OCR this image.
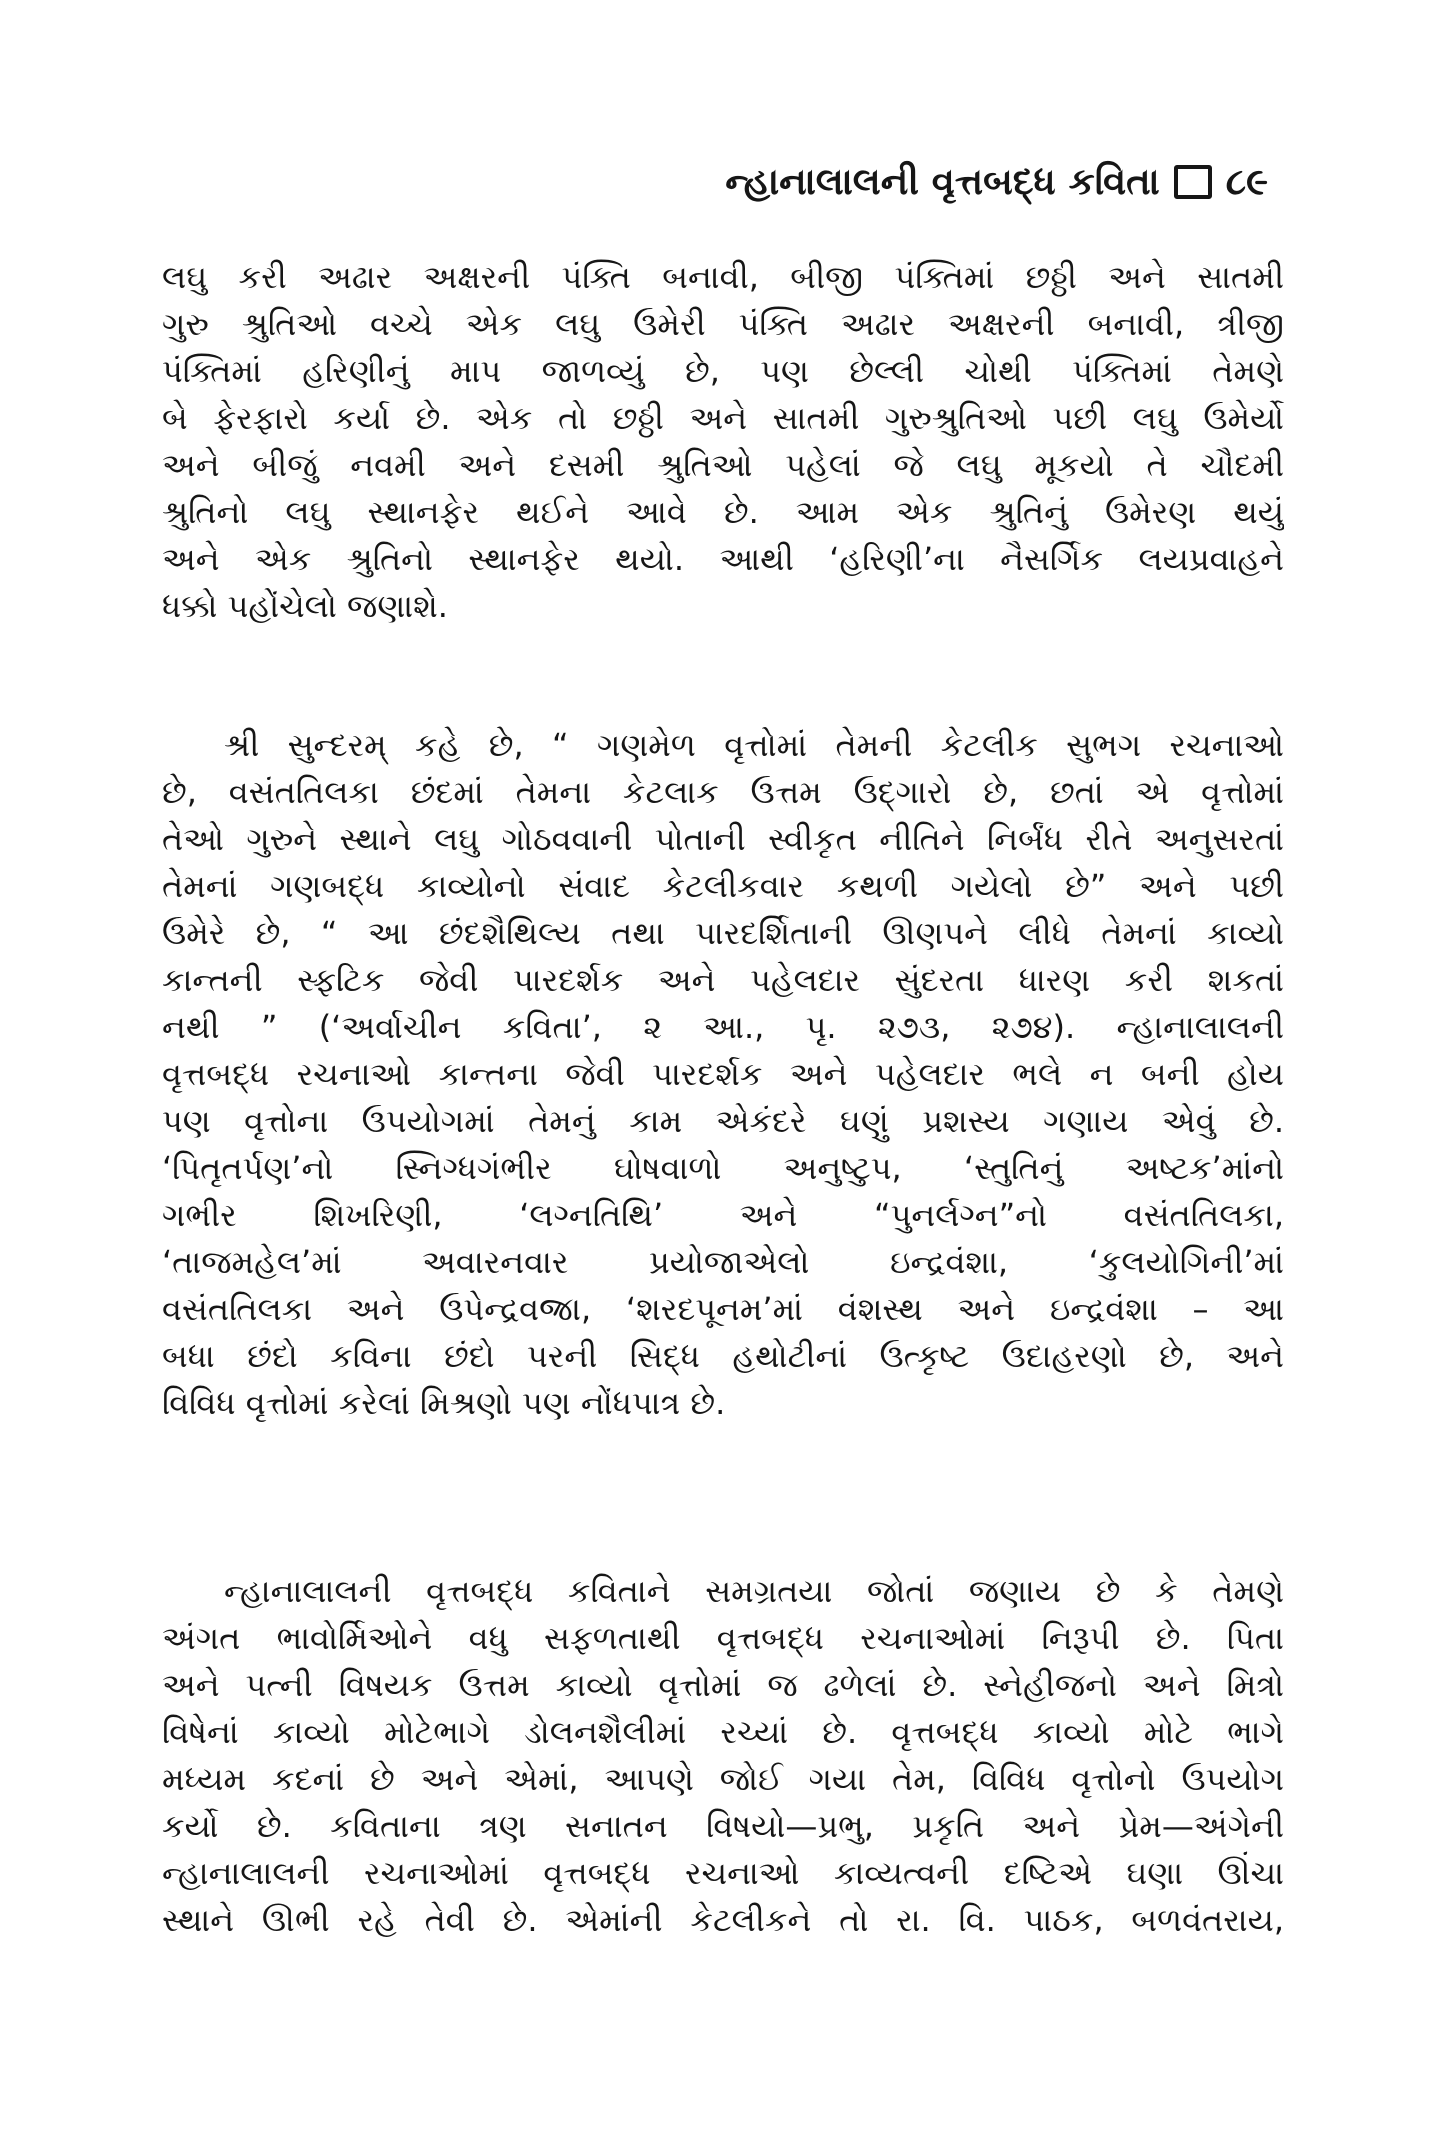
ન્હાનાલાલની વૃત્તબદ્ધ કવિતા ૮૯
લઘુ કરી અઢાર અક્ષરની પંક્તિ બનાવી, બીજી પંક્તિમાં છઠ્ઠી અને સાતમી
ગુરુ શ્રુતિઓ વચ્ચે એક લઘુ ઉમેરી પંક્તિ અઢાર અક્ષરની બનાવી, ત્રીજી
પંક્તિમાં હરિણીનું માપ જાળવ્યું છે, પણ છેલ્લી ચોથી પંક્તિમાં તેમણે
બે ફેરફારો કર્યા છે. એક તો છઠ્ઠી અને સાતમી ગુરુશ્રુતિઓ પછી લઘુ ઉમેર્યો
અને બીજું નવમી અને દસમી શ્રુતિઓ પહેલાં જે લઘુ મૂકયો તે ચૌદમી
શ્રુતિનો લઘુ સ્થાનફેર થઈને આવે છે. આમ એક શ્રુતિનું ઉમેરણ થયું
અને એક શ્રુતિનો સ્થાનફેર થયો. આથી ‘હરિણી’ના નૈસર્ગિક લયપ્રવાહને
ધક્કો પહોંચેલો જણાશે.
શ્રી સુન્દરમ્ કહે છે, “ ગણમેળ વૃત્તોમાં તેમની કેટલીક સુભગ રચનાઓ
છે, વસંતતિલકા છંદમાં તેમના કેટલાક ઉત્તમ ઉદ્‌ગારો છે, છતાં એ વૃત્તોમાં
તેઓ ગુરુને સ્થાને લઘુ ગોઠવવાની પોતાની સ્વીકૃત નીતિને નિર્બંધ રીતે અનુસરતાં
તેમનાં ગણબદ્ધ કાવ્યોનો સંવાદ કેટલીકવાર કથળી ગયેલો છે” અને પછી
ઉમેરે છે, “ આ છંદશૈથિલ્ય તથા પારદર્શિતાની ઊણપને લીધે તેમનાં કાવ્યો
કાન્તની સ્ફટિક જેવી પારદર્શક અને પહેલદાર સુંદરતા ધારણ કરી શકતાં
નથી ” (‘અર્વાચીન કવિતા’, ૨ આ., પૃ. ૨૭૩, ૨૭૪). ન્હાનાલાલની
વૃત્તબદ્ધ રચનાઓ કાન્તના જેવી પારદર્શક અને પહેલદાર ભલે ન બની હોય
પણ વૃત્તોના ઉપયોગમાં તેમનું કામ એકંદરે ઘણું પ્રશસ્ય ગણાય એવું છે.
‘પિતૃતર્પણ’નો સ્નિગ્ધગંભીર ઘોષવાળો અનુષ્ટુપ, ‘સ્તુતિનું અષ્ટક’માંનો
ગભીર શિખરિણી, ‘લગ્નતિથિ’ અને “પુનર્લગ્ન”નો વસંતતિલકા,
‘તાજમહેલ’માં અવારનવાર પ્રયોજાએલો ઇન્દ્રવંશા, ‘કુલયોગિની’માં
વસંતતિલકા અને ઉપેન્દ્રવજ્રા, ‘શરદપૂનમ’માં વંશસ્થ અને ઇન્દ્રવંશા – આ
બધા છંદો કવિના છંદો પરની સિદ્ધ હથોટીનાં ઉત્કૃષ્ટ ઉદાહરણો છે, અને
વિવિધ વૃત્તોમાં કરેલાં મિશ્રણો પણ નોંધપાત્ર છે.
ન્હાનાલાલની વૃત્તબદ્ધ કવિતાને સમગ્રતયા જોતાં જણાય છે કે તેમણે
અંગત ભાવોર્મિઓને વધુ સફળતાથી વૃત્તબદ્ધ રચનાઓમાં નિરૂપી છે. પિતા
અને પત્ની વિષયક ઉત્તમ કાવ્યો વૃત્તોમાં જ ઢળેલાં છે. સ્નેહીજનો અને મિત્રો
વિષેનાં કાવ્યો મોટેભાગે ડોલનશૈલીમાં રચ્યાં છે. વૃત્તબદ્ધ કાવ્યો મોટે ભાગે
મધ્યમ કદનાં છે અને એમાં, આપણે જોઈ ગયા તેમ, વિવિધ વૃત્તોનો ઉપયોગ
કર્યો છે. કવિતાના ત્રણ સનાતન વિષયો—પ્રભુ, પ્રકૃતિ અને પ્રેમ—અંગેની
ન્હાનાલાલની રચનાઓમાં વૃત્તબદ્ધ રચનાઓ કાવ્યત્વની દષ્ટિએ ઘણા ઊંચા
સ્થાને ઊભી રહે તેવી છે. એમાંની કેટલીકને તો રા. વિ. પાઠક, બળવંતરાય,
